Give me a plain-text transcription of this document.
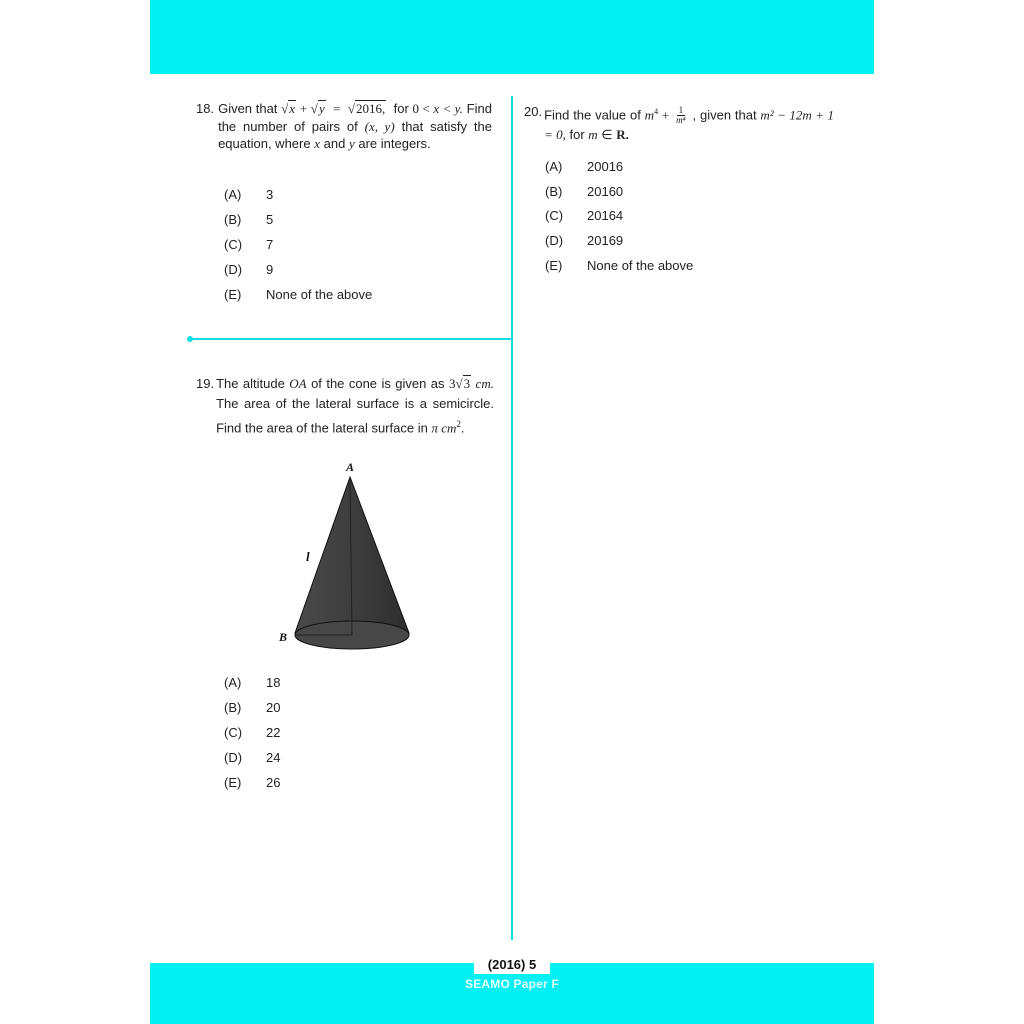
18. Given that √x + √y = √2016, for 0 < x < y. Find the number of pairs of (x, y) that satisfy the equation, where x and y are integers.
(A) 3
(B) 5
(C) 7
(D) 9
(E) None of the above
19. The altitude OA of the cone is given as 3√3 cm. The area of the lateral surface is a semicircle. Find the area of the lateral surface in π $cm^2$.
A
B
l
(A) 18
(B) 20
(C) 22
(D) 24
(E) 26
20. Find the value of $m^4 + \frac{1}{\text{m⁴}}$ , given that m² − 12m + 1 = 0, for m ∈ R.
(A) 20016
(B) 20160
(C) 20164
(D) 20169
(E) None of the above
(2016) 5
SEAMO Paper F
